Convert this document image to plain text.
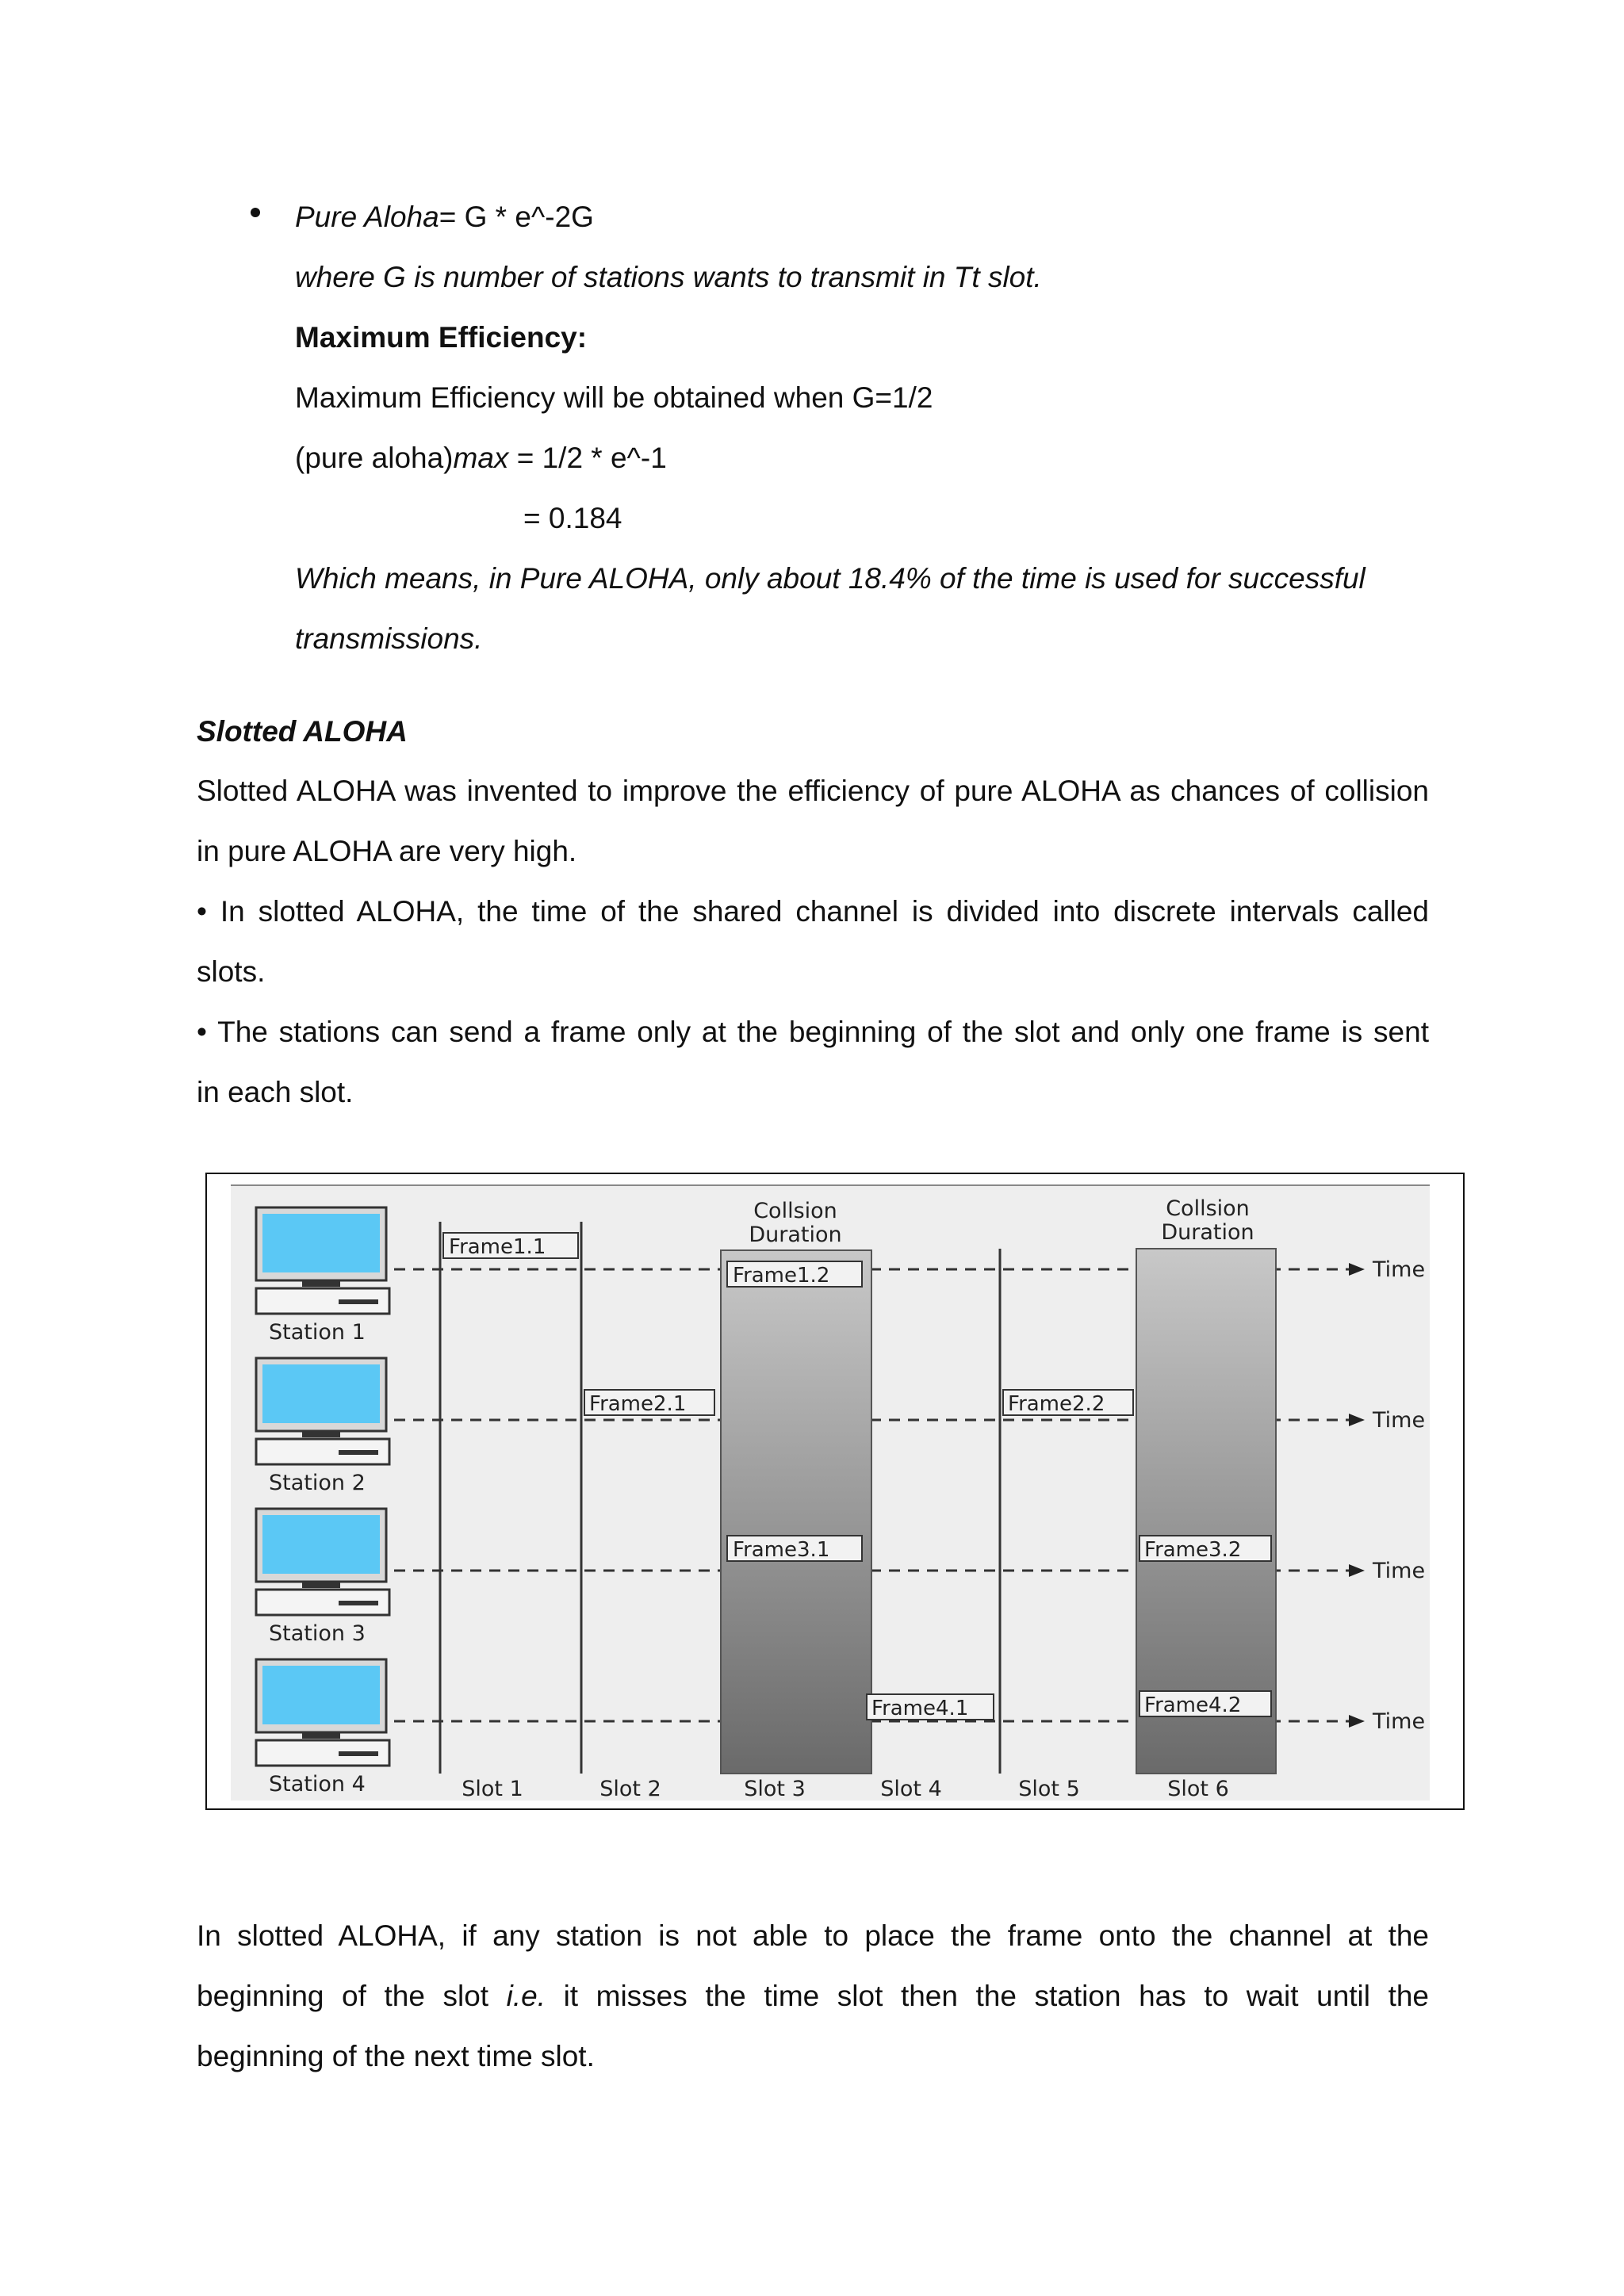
Pure Aloha= G * e^-2G
where G is number of stations wants to transmit in Tt slot.
Maximum Efficiency:
Maximum Efficiency will be obtained when G=1/2
(pure aloha)max = 1/2 * e^-1
= 0.184
Which means, in Pure ALOHA, only about 18.4% of the time is used for successful
transmissions.
Slotted ALOHA
Slotted ALOHA was invented to improve the efficiency of pure ALOHA as chances of collision
in pure ALOHA are very high.
• In slotted ALOHA, the time of the shared channel is divided into discrete intervals called
slots.
• The stations can send a frame only at the beginning of the slot and only one frame is sent
in each slot.
Station 1
Station 2
Station 3
Station 4
Time
Time
Time
Time
Collsion
Duration
Collsion
Duration
Frame1.1
Frame1.2
Frame2.1	Frame2.2
Frame3.1	Frame3.2
Frame4.1	Frame4.2
Slot 1	Slot 2	Slot 3	Slot 4	Slot 5	Slot 6
In slotted ALOHA, if any station is not able to place the frame onto the channel at the
beginning of the slot i.e. it misses the time slot then the station has to wait until the
beginning of the next time slot.
